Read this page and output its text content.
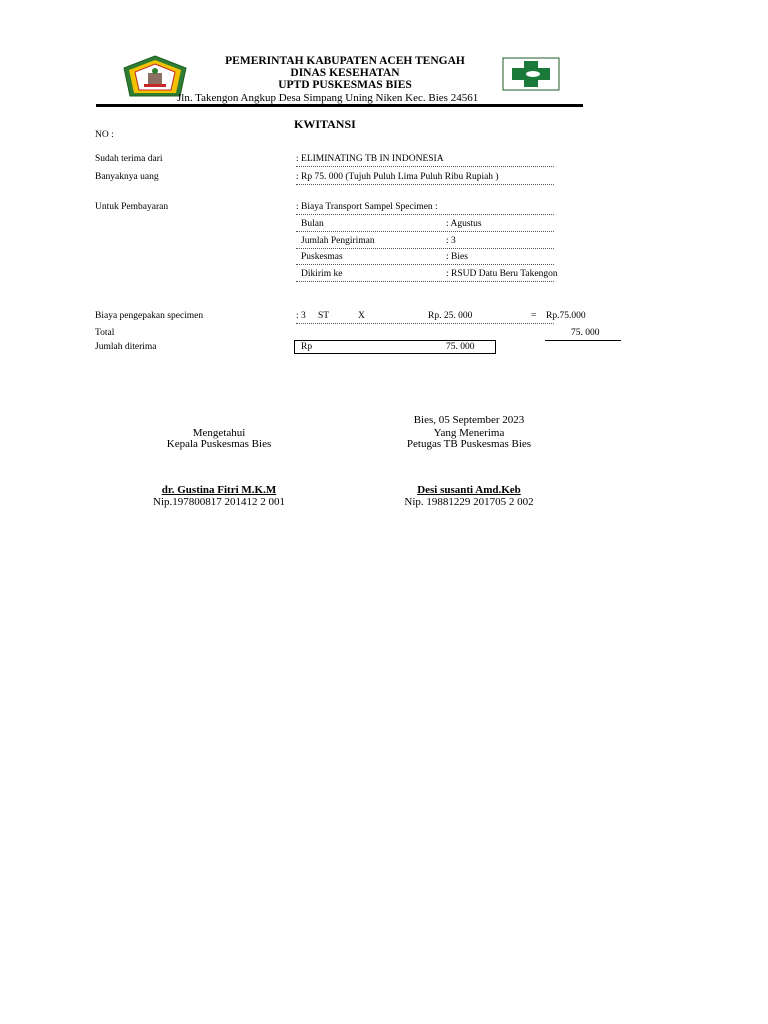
PEMERINTAH KABUPATEN ACEH TENGAH
DINAS KESEHATAN
UPTD PUSKESMAS BIES
Jln. Takengon Angkup Desa Simpang Uning Niken Kec. Bies 24561
KWITANSI
NO :
Sudah terima dari	: ELIMINATING TB IN INDONESIA
Banyaknya uang	: Rp 75. 000 (Tujuh Puluh Lima Puluh Ribu Rupiah )
Untuk Pembayaran	: Biaya Transport Sampel Specimen :
Bulan	: Agustus
Jumlah Pengiriman	: 3
Puskesmas	: Bies
Dikirim ke	: RSUD Datu Beru Takengon
Biaya pengepakan specimen	: 3 ST	X	Rp. 25. 000	= Rp.75.000
Total	75. 000
Jumlah diterima	Rp	75. 000
Bies, 05 September 2023
Mengetahui	Yang Menerima
Kepala Puskesmas Bies	Petugas TB Puskesmas Bies
dr. Gustina Fitri M.K.M	Desi susanti Amd.Keb
Nip.197800817 201412 2 001	Nip. 19881229 201705 2 002
